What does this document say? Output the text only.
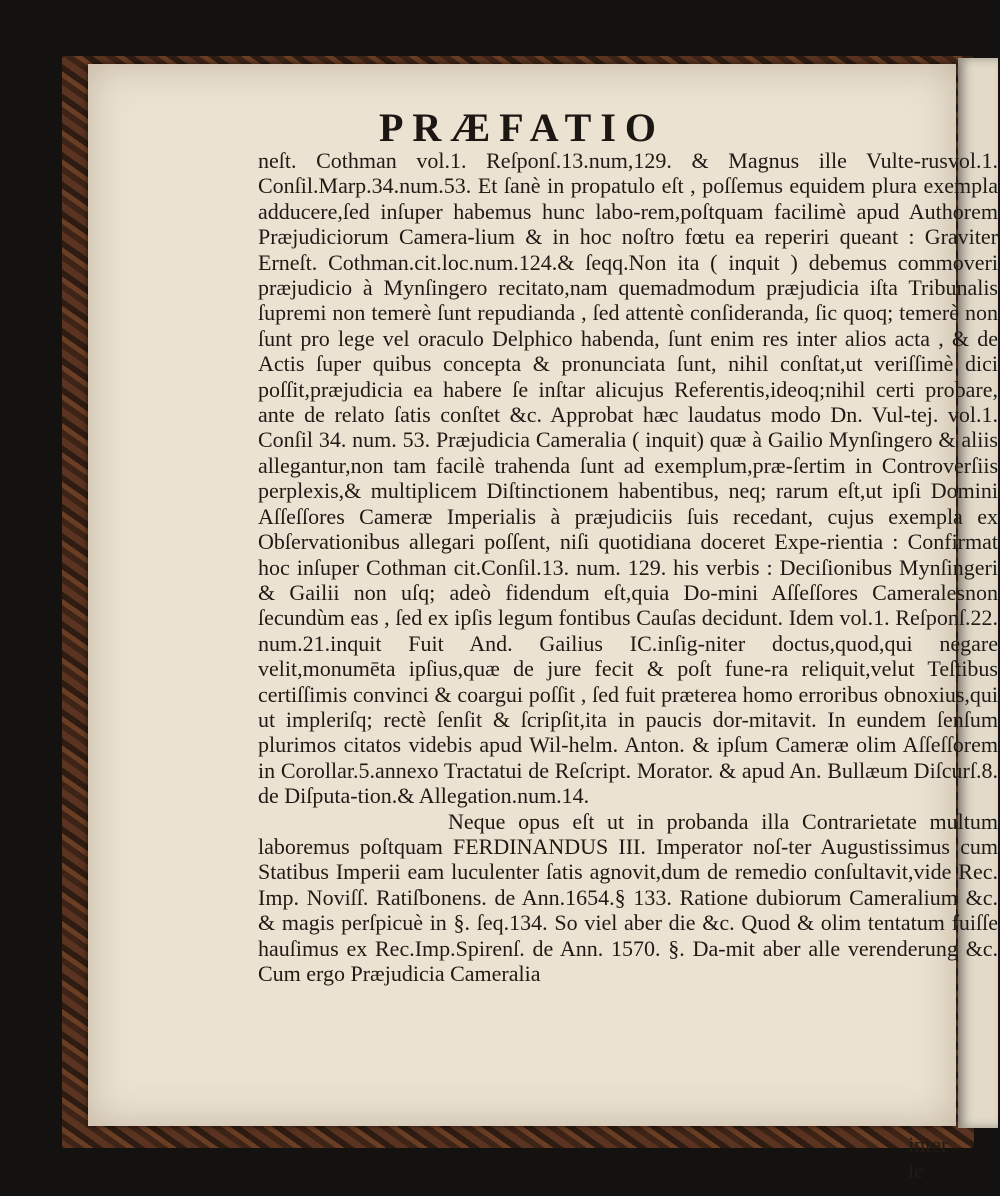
PRÆFATIO

neſt. Cothman vol.1. Reſponſ.13.num,129. & Magnus ille Vulte-rusvol.1. Conſil.Marp.34.num.53. Et ſanè in propatulo eſt , poſſemus equidem plura exempla adducere,ſed inſuper habemus hunc labo-rem,poſtquam facilimè apud Authorem Præjudiciorum Camera-lium & in hoc noſtro fœtu ea reperiri queant : Graviter Erneſt. Cothman.cit.loc.num.124.& ſeqq.Non ita ( inquit ) debemus commoveri præjudicio à Mynſingero recitato,nam quemadmodum præjudicia iſta Tribunalis ſupremi non temerè ſunt repudianda , ſed attentè conſideranda, ſic quoq; temerè non ſunt pro lege vel oraculo Delphico habenda, ſunt enim res inter alios acta , & de Actis ſuper quibus concepta & pronunciata ſunt, nihil conſtat,ut veriſſimè dici poſſit,præjudicia ea habere ſe inſtar alicujus Referentis,ideoq;nihil certi probare, ante de relato ſatis conſtet &c. Approbat hæc laudatus modo Dn. Vul-tej. vol.1. Conſil 34. num. 53. Præjudicia Cameralia ( inquit) quæ à Gailio Mynſingero & aliis allegantur,non tam facilè trahenda ſunt ad exemplum,præ-ſertim in Controverſiis perplexis,& multiplicem Diſtinctionem habentibus, neq; rarum eſt,ut ipſi Domini Aſſeſſores Cameræ Imperialis à præjudiciis ſuis recedant, cujus exempla ex Obſervationibus allegari poſſent, niſi quotidiana doceret Expe-rientia : Confirmat hoc inſuper Cothman cit.Conſil.13. num. 129. his verbis : Deciſionibus Mynſingeri & Gailii non uſq; adeò fidendum eſt,quia Do-mini Aſſeſſores Cameralesnon ſecundùm eas , ſed ex ipſis legum fontibus Cauſas decidunt. Idem vol.1. Reſponſ.22. num.21.inquit Fuit And. Gailius IC.inſig-niter doctus,quod,qui negare velit,monumēta ipſius,quæ de jure fecit & poſt fune-ra reliquit,velut Teſtibus certiſſimis convinci & coargui poſſit , ſed fuit præterea homo erroribus obnoxius,qui ut impleriſq; rectè ſenſit & ſcripſit,ita in paucis dor-mitavit. In eundem ſenſum plurimos citatos videbis apud Wil-helm. Anton. & ipſum Cameræ olim Aſſeſſorem in Corollar.5.annexo Tractatui de Reſcript. Morator. & apud An. Bullæum Diſcurſ.8. de Diſputa-tion.& Allegation.num.14.

Neque opus eſt ut in probanda illa Contrarietate multum laboremus poſtquam FERDINANDUS III. Imperator noſ-ter Augustissimus cum Statibus Imperii eam luculenter ſatis agnovit,dum de remedio conſultavit,vide Rec. Imp. Noviſſ. Ratiſbonens. de Ann.1654.§ 133. Ratione dubiorum Cameralium &c. & magis perſpicuè in §. ſeq.134. So viel aber die &c. Quod & olim tentatum fuiſſe hauſimus ex Rec.Imp.Spirenſ. de Ann. 1570. §. Da-mit aber alle verenderung &c. Cum ergo Præjudicia Cameralia

inter ſe
